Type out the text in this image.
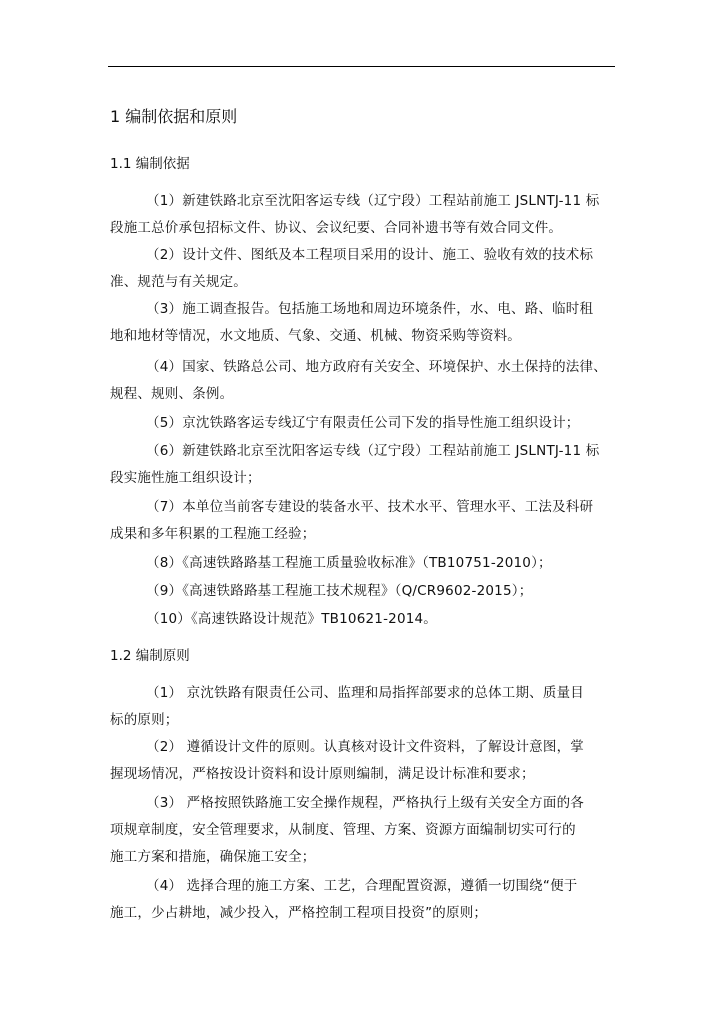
1 编制依据和原则
1.1 编制依据
（1）新建铁路北京至沈阳客运专线（辽宁段）工程站前施工 JSLNTJ-11 标
段施工总价承包招标文件、协议、会议纪要、合同补遗书等有效合同文件。
（2）设计文件、图纸及本工程项目采用的设计、施工、验收有效的技术标
准、规范与有关规定。
（3）施工调查报告。包括施工场地和周边环境条件，水、电、路、临时租
地和地材等情况，水文地质、气象、交通、机械、物资采购等资料。
（4）国家、铁路总公司、地方政府有关安全、环境保护、水土保持的法律、
规程、规则、条例。
（5）京沈铁路客运专线辽宁有限责任公司下发的指导性施工组织设计；
（6）新建铁路北京至沈阳客运专线（辽宁段）工程站前施工 JSLNTJ-11 标
段实施性施工组织设计；
（7）本单位当前客专建设的装备水平、技术水平、管理水平、工法及科研
成果和多年积累的工程施工经验；
（8）《高速铁路路基工程施工质量验收标准》（TB10751-2010）；
（9）《高速铁路路基工程施工技术规程》（Q/CR9602-2015）；
（10）《高速铁路设计规范》TB10621-2014。
1.2 编制原则
（1） 京沈铁路有限责任公司、监理和局指挥部要求的总体工期、质量目
标的原则；
（2） 遵循设计文件的原则。认真核对设计文件资料，了解设计意图，掌
握现场情况，严格按设计资料和设计原则编制，满足设计标准和要求；
（3） 严格按照铁路施工安全操作规程，严格执行上级有关安全方面的各
项规章制度，安全管理要求，从制度、管理、方案、资源方面编制切实可行的
施工方案和措施，确保施工安全；
（4） 选择合理的施工方案、工艺，合理配置资源，遵循一切围绕“便于
施工，少占耕地，减少投入，严格控制工程项目投资”的原则；
